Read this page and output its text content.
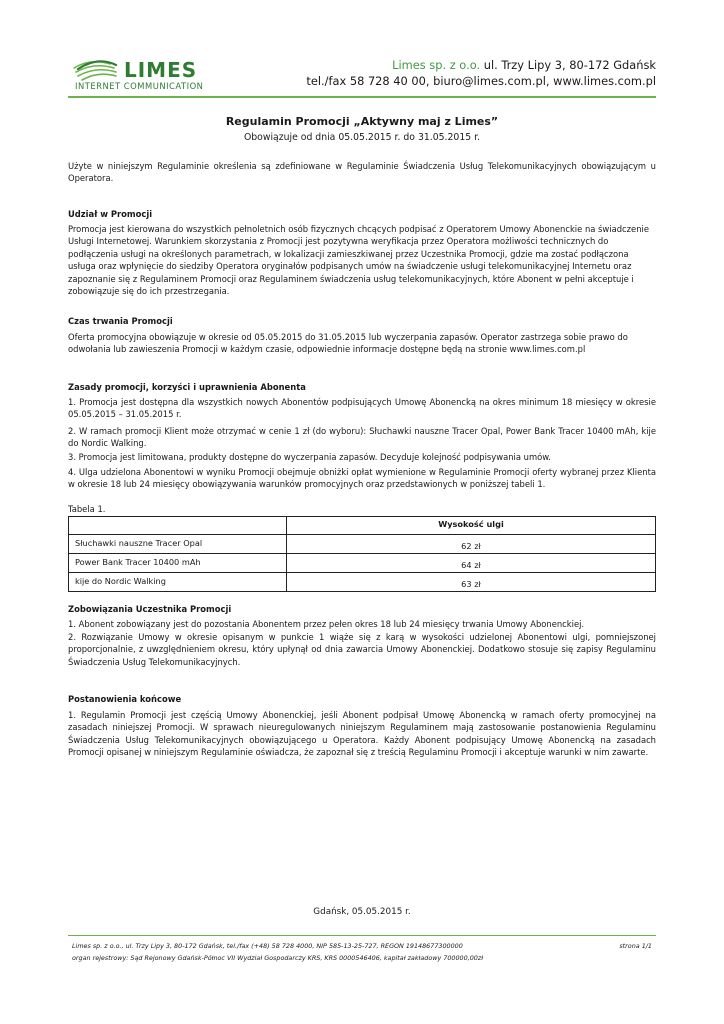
LIMES
INTERNET COMMUNICATION
Limes sp. z o.o. ul. Trzy Lipy 3, 80-172 Gdańsk
tel./fax 58 728 40 00, biuro@limes.com.pl, www.limes.com.pl
Regulamin Promocji „Aktywny maj z Limes”
Obowiązuje od dnia 05.05.2015 r. do 31.05.2015 r.
Użyte w niniejszym Regulaminie określenia są zdefiniowane w Regulaminie Świadczenia Usług Telekomunikacyjnych obowiązującym u Operatora.
Udział w Promocji
Promocja jest kierowana do wszystkich pełnoletnich osób fizycznych chcących podpisać z Operatorem Umowy Abonenckie na świadczenie Usługi Internetowej. Warunkiem skorzystania z Promocji jest pozytywna weryfikacja przez Operatora możliwości technicznych do podłączenia usługi na określonych parametrach, w lokalizacji zamieszkiwanej przez Uczestnika Promocji, gdzie ma zostać podłączona usługa oraz wpłynięcie do siedziby Operatora oryginałów podpisanych umów na świadczenie usługi telekomunikacyjnej Internetu oraz zapoznanie się z Regulaminem Promocji oraz Regulaminem świadczenia usług telekomunikacyjnych, które Abonent w pełni akceptuje i zobowiązuje się do ich przestrzegania.
Czas trwania Promocji
Oferta promocyjna obowiązuje w okresie od 05.05.2015 do 31.05.2015 lub wyczerpania zapasów. Operator zastrzega sobie prawo do odwołania lub zawieszenia Promocji w każdym czasie, odpowiednie informacje dostępne będą na stronie www.limes.com.pl
Zasady promocji, korzyści i uprawnienia Abonenta
1. Promocja jest dostępna dla wszystkich nowych Abonentów podpisujących Umowę Abonencką na okres minimum 18 miesięcy w okresie 05.05.2015 – 31.05.2015 r.
2. W ramach promocji Klient może otrzymać w cenie 1 zł (do wyboru): Słuchawki nauszne Tracer Opal, Power Bank Tracer 10400 mAh, kije do Nordic Walking.
3. Promocja jest limitowana, produkty dostępne do wyczerpania zapasów. Decyduje kolejność podpisywania umów.
4. Ulga udzielona Abonentowi w wyniku Promocji obejmuje obniżki opłat wymienione w Regulaminie Promocji oferty wybranej przez Klienta w okresie 18 lub 24 miesięcy obowiązywania warunków promocyjnych oraz przedstawionych w poniższej tabeli 1.
Tabela 1.
	Wysokość ulgi
Słuchawki nauszne Tracer Opal	62 zł
Power Bank Tracer 10400 mAh	64 zł
kije do Nordic Walking	63 zł
Zobowiązania Uczestnika Promocji
1. Abonent zobowiązany jest do pozostania Abonentem przez pełen okres 18 lub 24 miesięcy trwania Umowy Abonenckiej.
2. Rozwiązanie Umowy w okresie opisanym w punkcie 1 wiąże się z karą w wysokości udzielonej Abonentowi ulgi, pomniejszonej proporcjonalnie, z uwzględnieniem okresu, który upłynął od dnia zawarcia Umowy Abonenckiej. Dodatkowo stosuje się zapisy Regulaminu Świadczenia Usług Telekomunikacyjnych.
Postanowienia końcowe
1. Regulamin Promocji jest częścią Umowy Abonenckiej, jeśli Abonent podpisał Umowę Abonencką w ramach oferty promocyjnej na zasadach niniejszej Promocji. W sprawach nieuregulowanych niniejszym Regulaminem mają zastosowanie postanowienia Regulaminu Świadczenia Usług Telekomunikacyjnych obowiązującego u Operatora. Każdy Abonent podpisujący Umowę Abonencką na zasadach Promocji opisanej w niniejszym Regulaminie oświadcza, że zapoznał się z treścią Regulaminu Promocji i akceptuje warunki w nim zawarte.
Gdańsk, 05.05.2015 r.
Limes sp. z o.o., ul. Trzy Lipy 3, 80-172 Gdańsk, tel./fax (+48) 58 728 4000, NIP 585-13-25-727, REGON 19148677300000
organ rejestrowy: Sąd Rejonowy Gdańsk-Północ VII Wydział Gospodarczy KRS, KRS 0000546406, kapitał zakładowy 700000,00zł
strona 1/1
